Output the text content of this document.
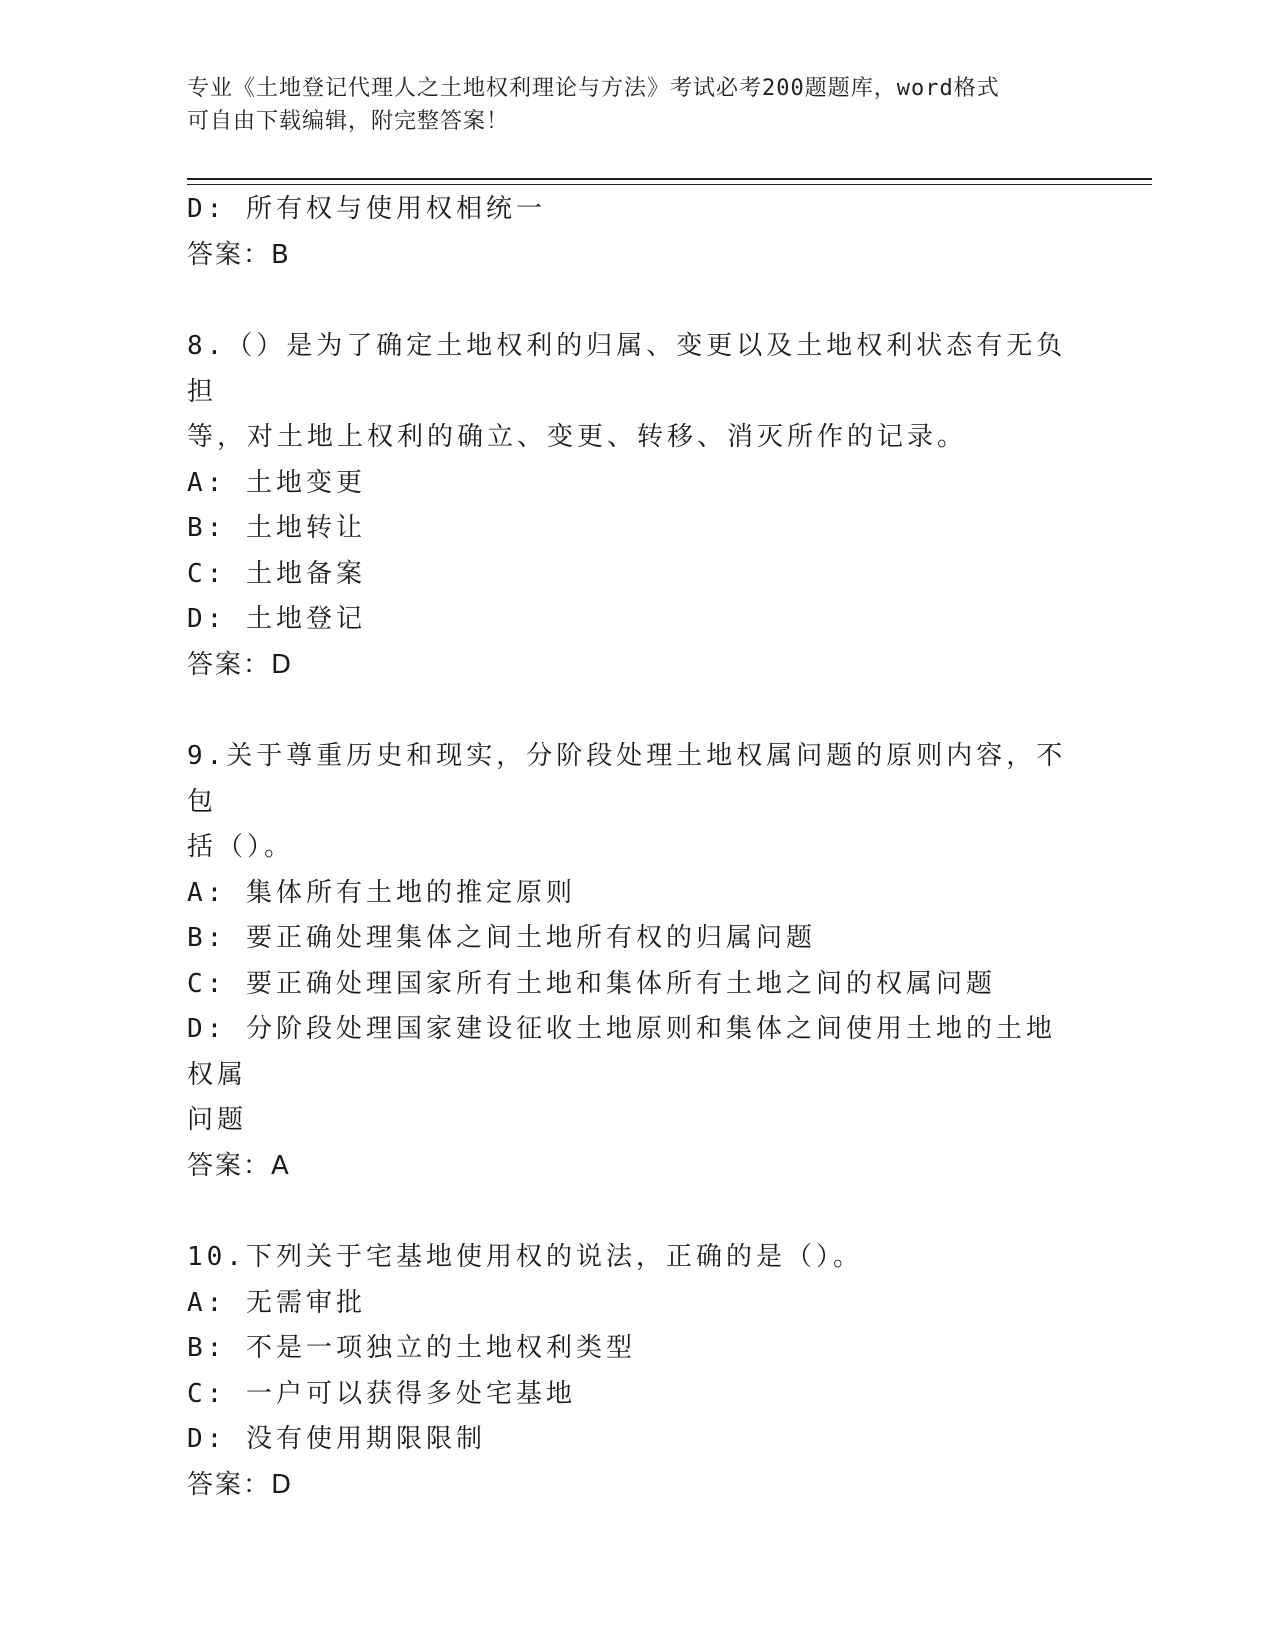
专业《土地登记代理人之土地权利理论与方法》考试必考200题题库，word格式
可自由下载编辑，附完整答案！

D: 所有权与使用权相统一

答案：B

8.（）是为了确定土地权利的归属、变更以及土地权利状态有无负担

等，对土地上权利的确立、变更、转移、消灭所作的记录。

A: 土地变更

B: 土地转让

C: 土地备案

D: 土地登记

答案：D

9.关于尊重历史和现实，分阶段处理土地权属问题的原则内容，不包

括（）。

A: 集体所有土地的推定原则

B: 要正确处理集体之间土地所有权的归属问题

C: 要正确处理国家所有土地和集体所有土地之间的权属问题

D: 分阶段处理国家建设征收土地原则和集体之间使用土地的土地权属

问题

答案：A

10.下列关于宅基地使用权的说法，正确的是（）。

A: 无需审批

B: 不是一项独立的土地权利类型

C: 一户可以获得多处宅基地

D: 没有使用期限限制

答案：D
